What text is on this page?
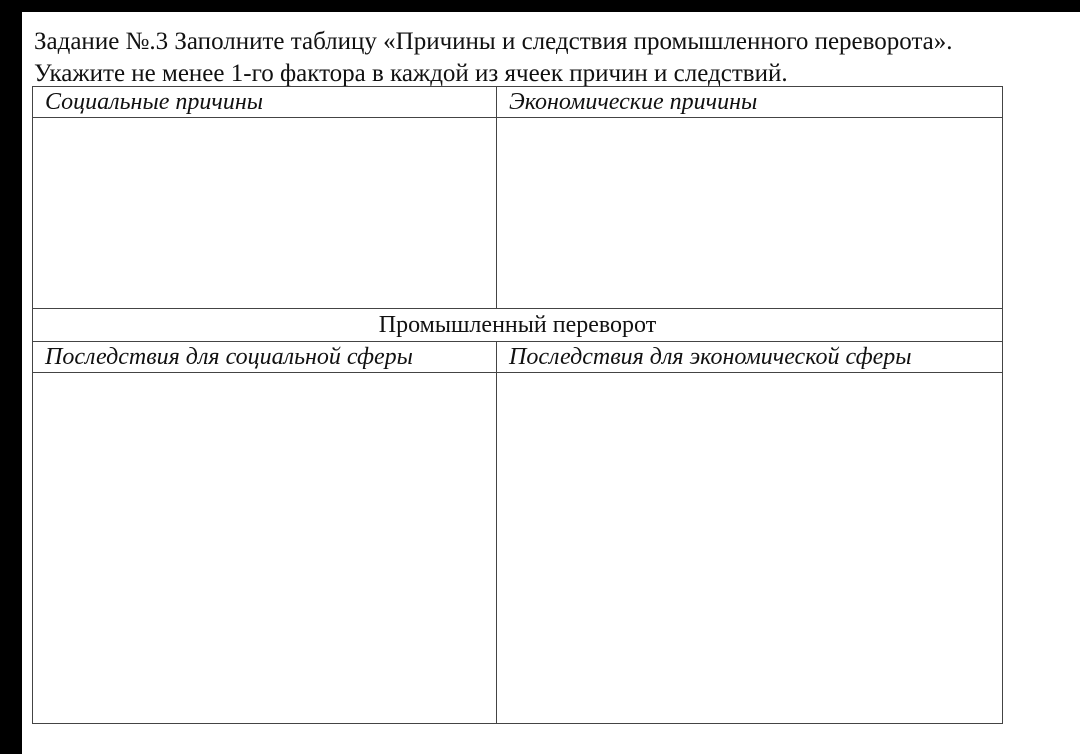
Задание №.3 Заполните таблицу «Причины и следствия промышленного переворота».
Укажите не менее 1-го фактора в каждой из ячеек причин и следствий.
Социальные причины	Экономические причины

Промышленный переворот	
Последствия для социальной сферы	Последствия для экономической сферы
